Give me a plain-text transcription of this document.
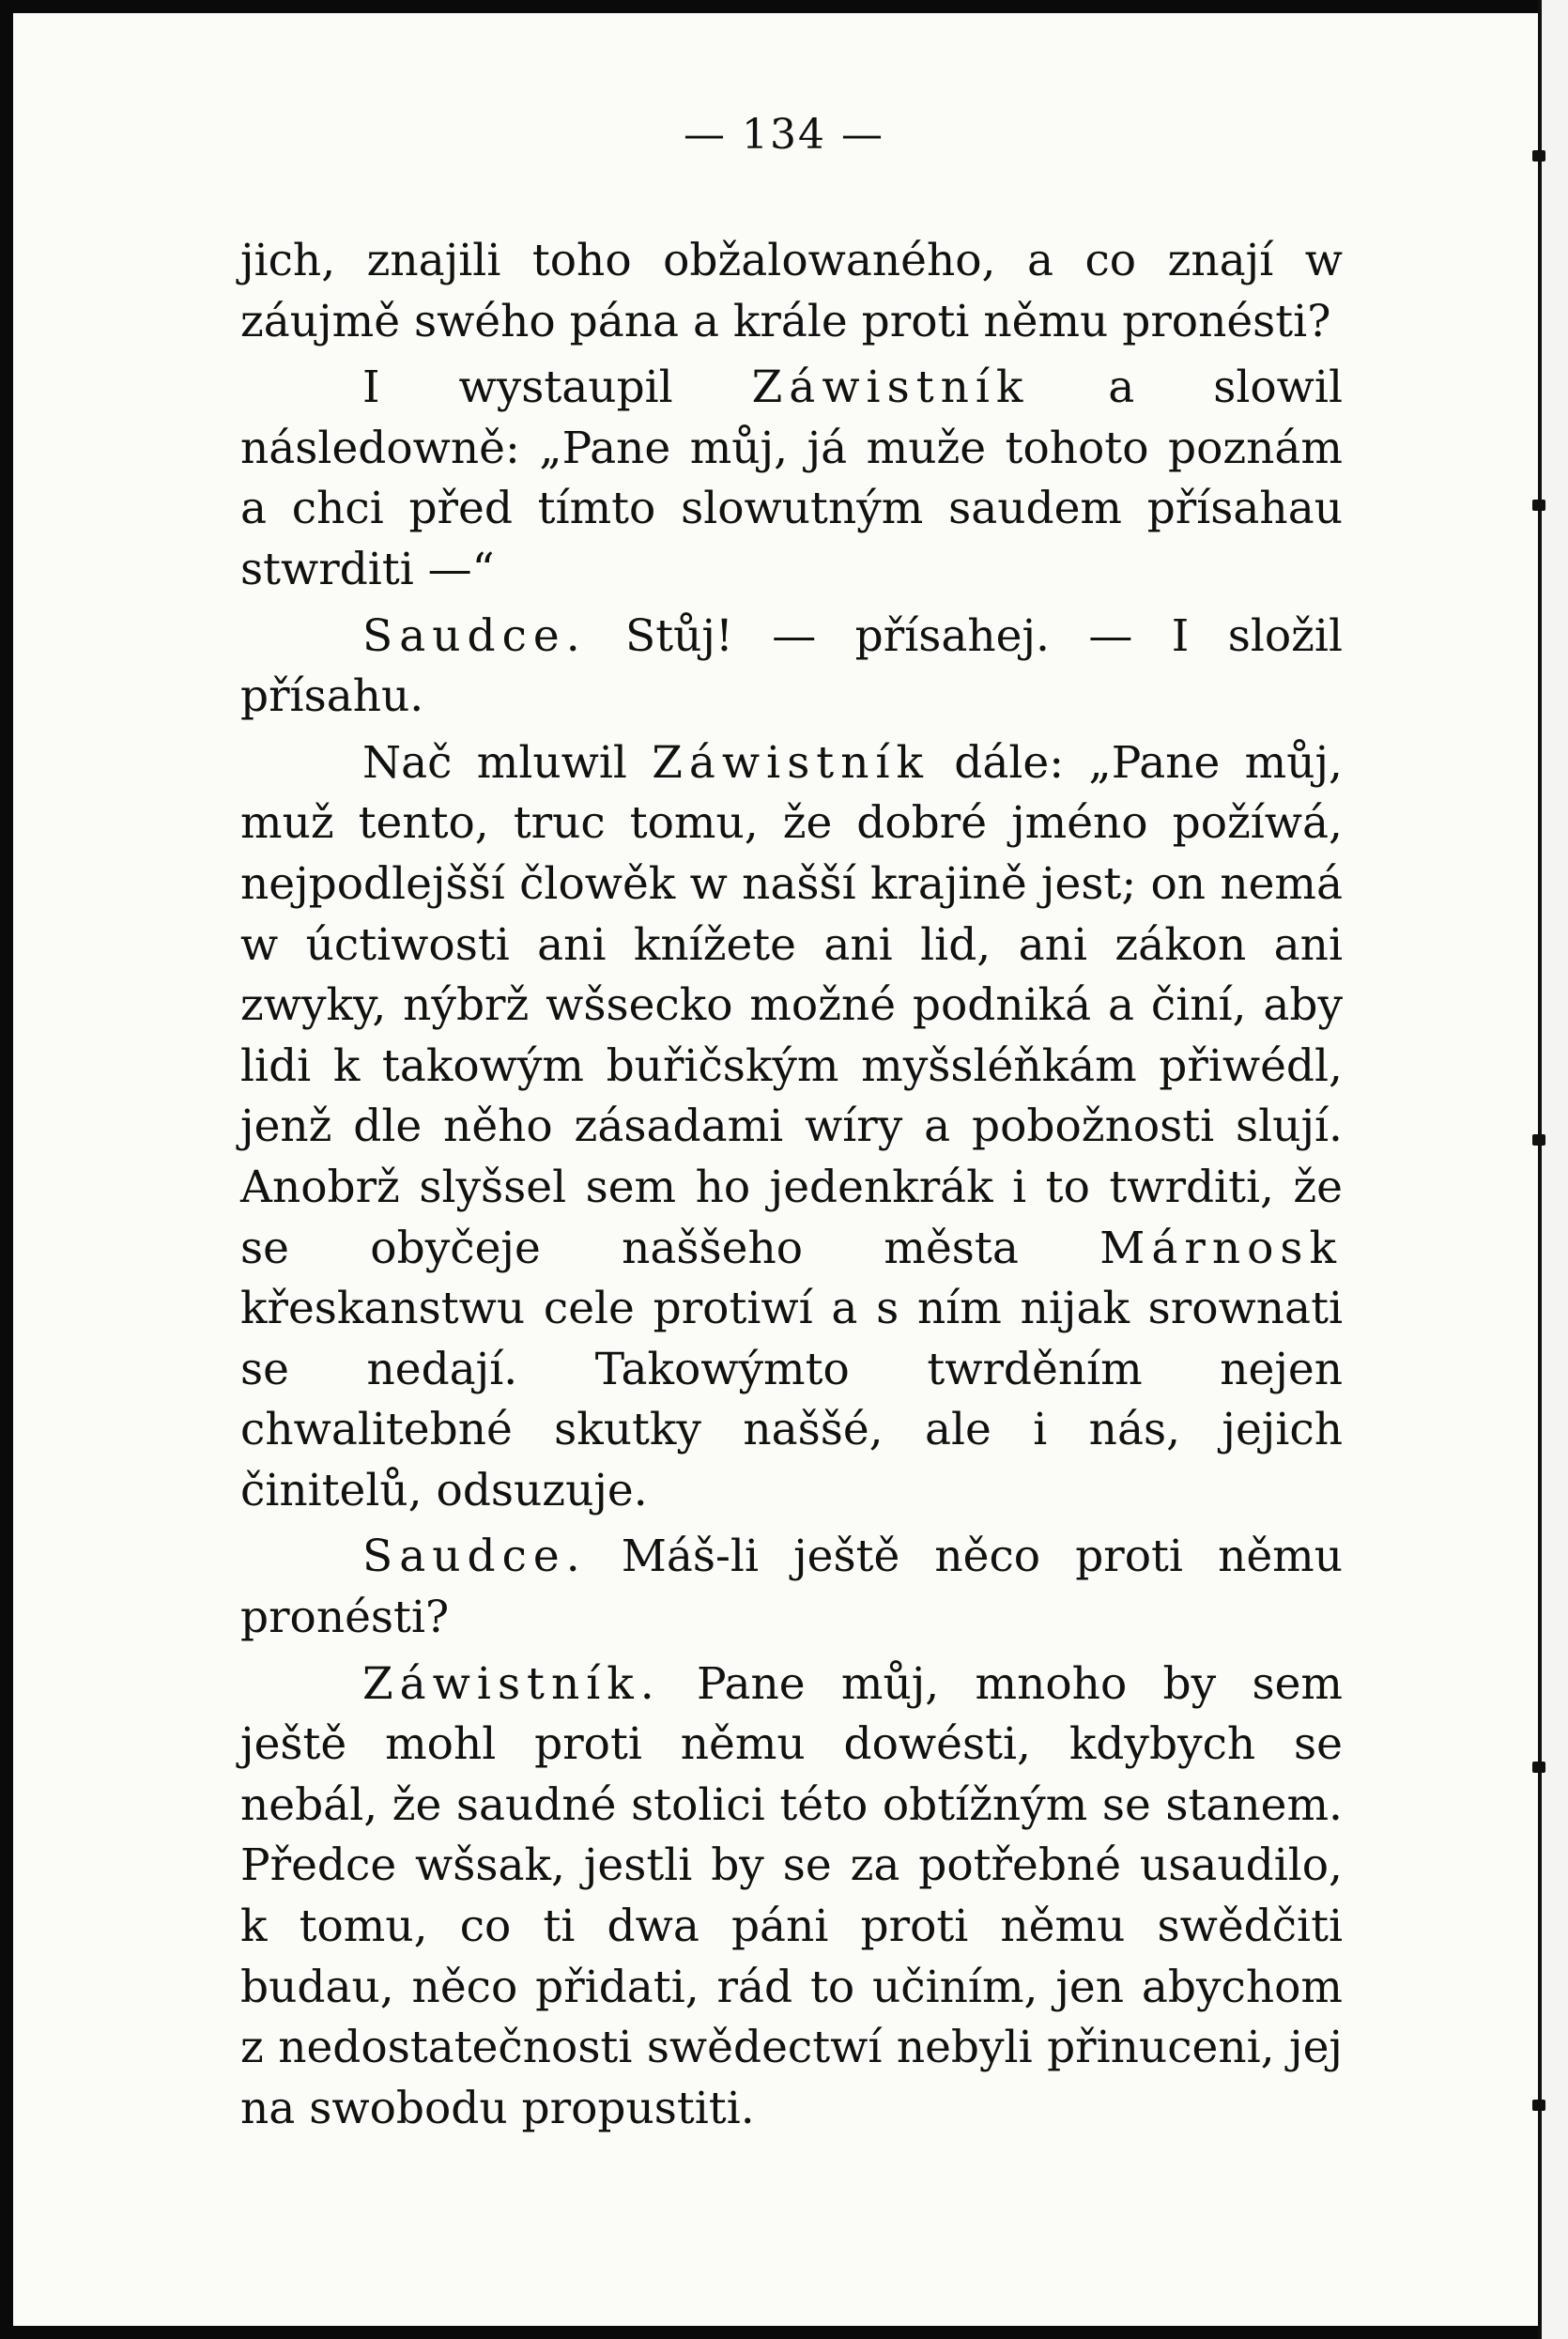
— 134 —

jich, znajili toho obžalowaného, a co znají w záujmě swého pána a krále proti němu pronésti?

I wystaupil Záwistník a slowil následowně: „Pane můj, já muže tohoto poznám a chci před tímto slowutným saudem přísahau stwrditi —“

Saudce. Stůj! — přísahej. — I složil přísahu.

Nač mluwil Záwistník dále: „Pane můj, muž tento, truc tomu, že dobré jméno požíwá, nejpodlejšší člowěk w našší krajině jest; on nemá w úctiwosti ani knížete ani lid, ani zákon ani zwyky, nýbrž wšsecko možné podniká a činí, aby lidi k takowým buřičským myšsléňkám přiwédl, jenž dle něho zásadami wíry a pobožnosti slují. Anobrž slyšsel sem ho jedenkrák i to twrditi, že se obyčeje naššeho města Márnosk křeskanstwu cele protiwí a s ním nijak srownati se nedají. Takowýmto twrděním nejen chwalitebné skutky naššé, ale i nás, jejich činitelů, odsuzuje.

Saudce. Máš-li ještě něco proti němu pronésti?

Záwistník. Pane můj, mnoho by sem ještě mohl proti němu dowésti, kdybych se nebál, že saudné stolici této obtížným se stanem. Předce wšsak, jestli by se za potřebné usaudilo, k tomu, co ti dwa páni proti němu swědčiti budau, něco přidati, rád to učiním, jen abychom z nedostatečnosti swědectwí nebyli přinuceni, jej na swobodu propustiti.
